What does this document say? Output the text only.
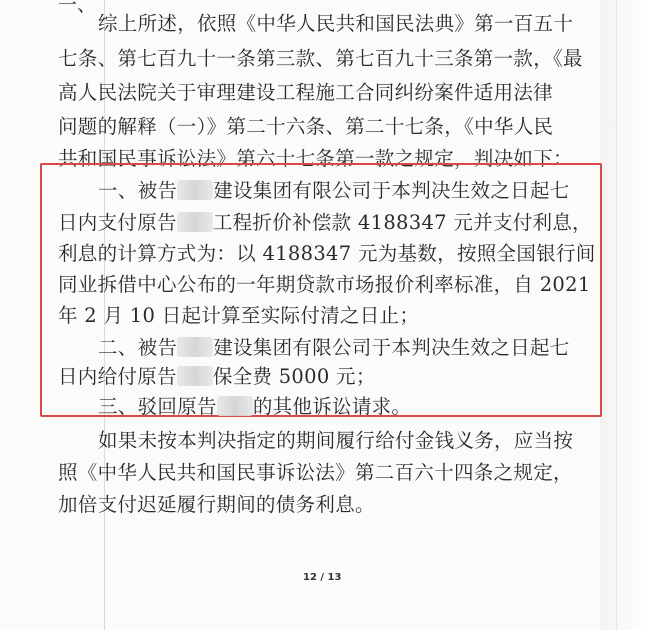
一、
综上所述，依照《中华人民共和国民法典》第一百五十
七条、第七百九十一条第三款、第七百九十三条第一款，《最
高人民法院关于审理建设工程施工合同纠纷案件适用法律
问题的解释（一）》第二十六条、第二十七条，《中华人民
共和国民事诉讼法》第六十七条第一款之规定，判决如下：
一、被告 建设集团有限公司于本判决生效之日起七
日内支付原告 工程折价补偿款 4188347 元并支付利息，
利息的计算方式为：以 4188347 元为基数，按照全国银行间
同业拆借中心公布的一年期贷款市场报价利率标准，自 2021
年 2 月 10 日起计算至实际付清之日止；
二、被告 建设集团有限公司于本判决生效之日起七
日内给付原告 保全费 5000 元；
三、驳回原告 的其他诉讼请求。
如果未按本判决指定的期间履行给付金钱义务，应当按
照《中华人民共和国民事诉讼法》第二百六十四条之规定，
加倍支付迟延履行期间的债务利息。
12 / 13
